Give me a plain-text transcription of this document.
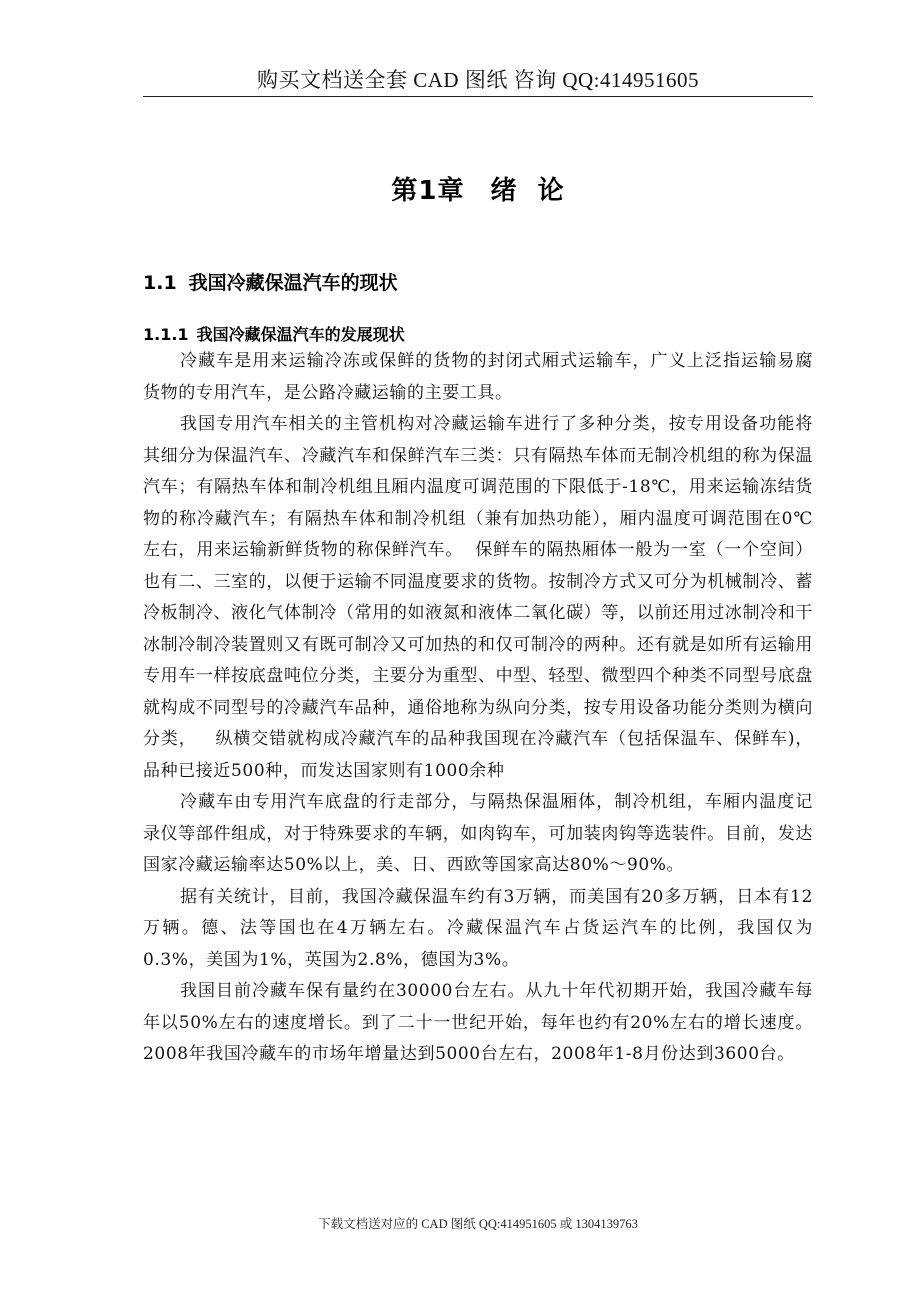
购买文档送全套 CAD 图纸 咨询 QQ:414951605
第1章 绪  论
1.1 我国冷藏保温汽车的现状
1.1.1 我国冷藏保温汽车的发展现状

冷藏车是用来运输冷冻或保鲜的货物的封闭式厢式运输车，广义上泛指运输易腐货物的专用汽车，是公路冷藏运输的主要工具。

我国专用汽车相关的主管机构对冷藏运输车进行了多种分类，按专用设备功能将其细分为保温汽车、冷藏汽车和保鲜汽车三类：只有隔热车体而无制冷机组的称为保温汽车；有隔热车体和制冷机组且厢内温度可调范围的下限低于-18℃，用来运输冻结货物的称冷藏汽车；有隔热车体和制冷机组（兼有加热功能），厢内温度可调范围在0℃左右，用来运输新鲜货物的称保鲜汽车。  保鲜车的隔热厢体一般为一室（一个空间）也有二、三室的，以便于运输不同温度要求的货物。按制冷方式又可分为机械制冷、蓄冷板制冷、液化气体制冷（常用的如液氮和液体二氧化碳）等，以前还用过冰制冷和干冰制冷制冷装置则又有既可制冷又可加热的和仅可制冷的两种。还有就是如所有运输用专用车一样按底盘吨位分类，主要分为重型、中型、轻型、微型四个种类不同型号底盘就构成不同型号的冷藏汽车品种，通俗地称为纵向分类，按专用设备功能分类则为横向分类，   纵横交错就构成冷藏汽车的品种我国现在冷藏汽车（包括保温车、保鲜车)，品种已接近500种，而发达国家则有1000余种

冷藏车由专用汽车底盘的行走部分，与隔热保温厢体，制冷机组，车厢内温度记录仪等部件组成，对于特殊要求的车辆，如肉钩车，可加装肉钩等选装件。目前，发达国家冷藏运输率达50%以上，美、日、西欧等国家高达80%～90%。

据有关统计，目前，我国冷藏保温车约有3万辆，而美国有20多万辆，日本有12万辆。德、法等国也在4万辆左右。冷藏保温汽车占货运汽车的比例，我国仅为0.3%，美国为1%，英国为2.8%，德国为3%。

我国目前冷藏车保有量约在30000台左右。从九十年代初期开始，我国冷藏车每年以50%左右的速度增长。到了二十一世纪开始，每年也约有20%左右的增长速度。2008年我国冷藏车的市场年增量达到5000台左右，2008年1-8月份达到3600台。

下载文档送对应的 CAD 图纸 QQ:414951605 或 1304139763
